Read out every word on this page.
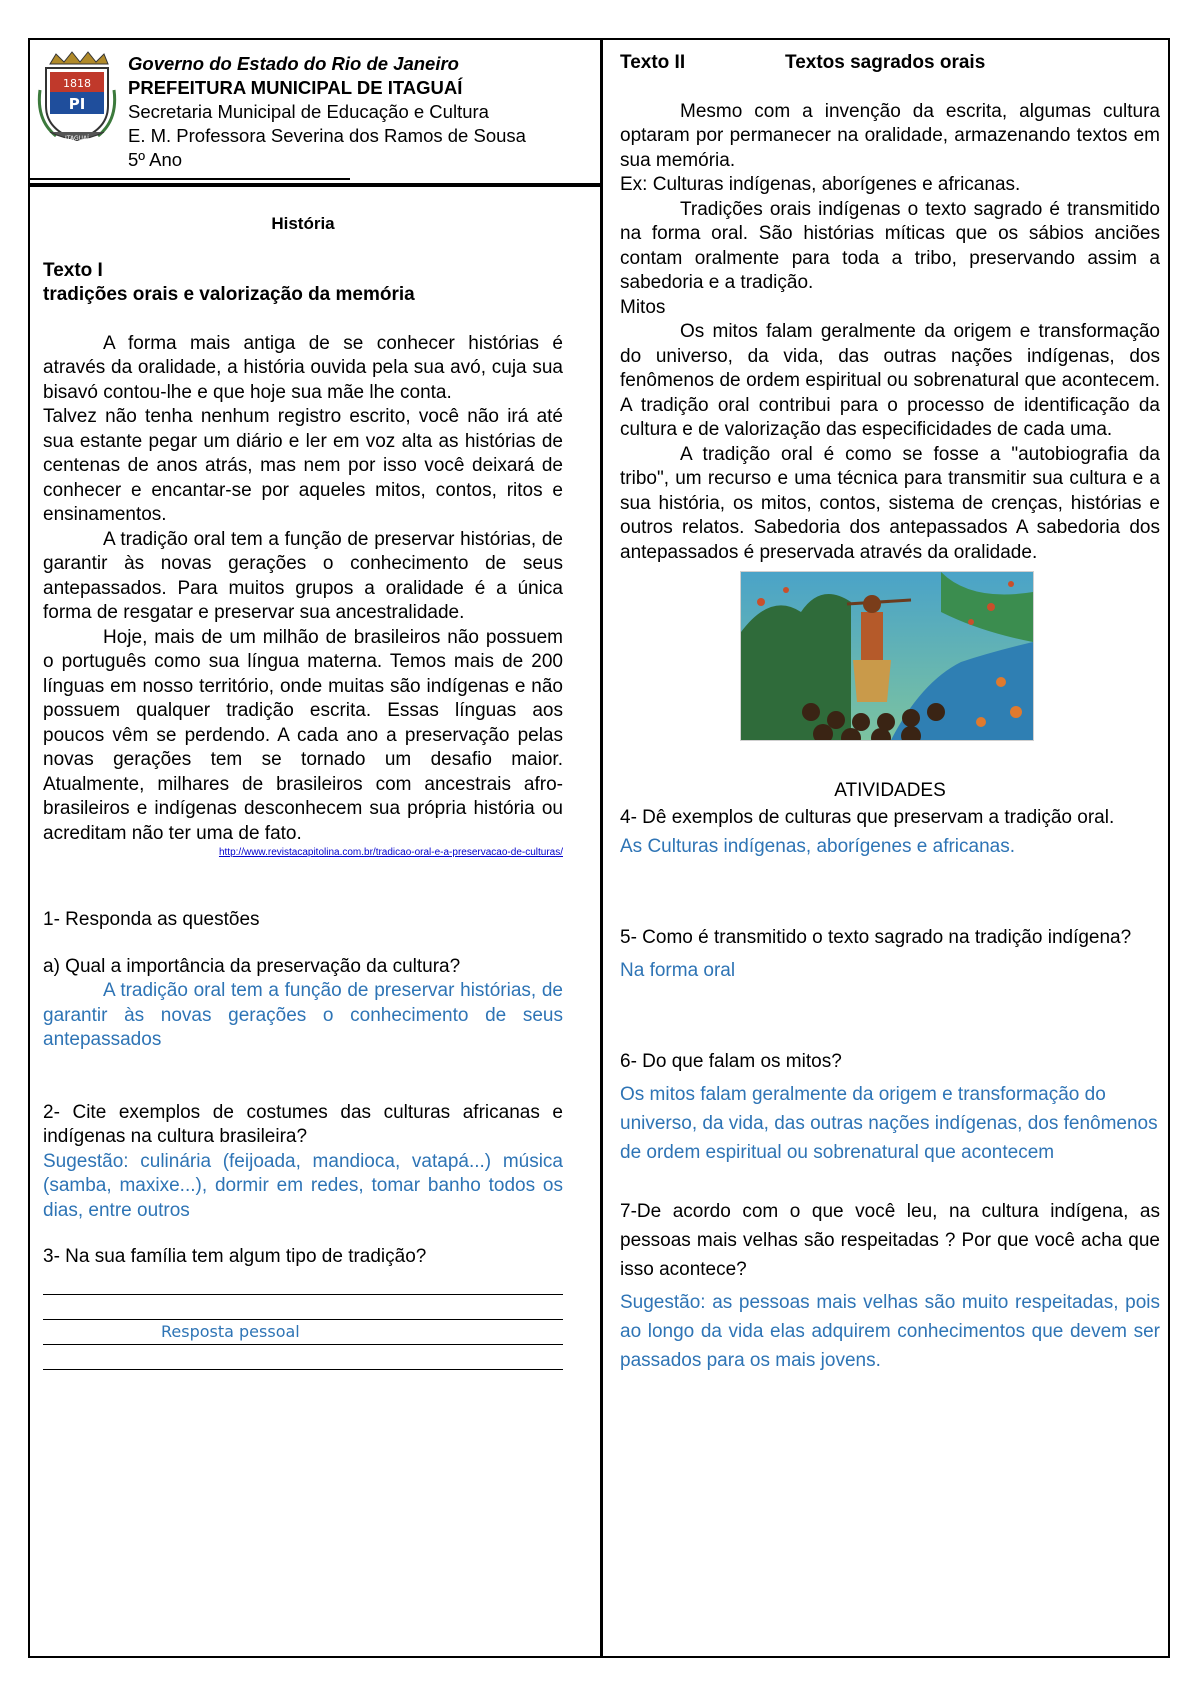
1818
PI
ITAGUAÍ
Governo do Estado do Rio de Janeiro
PREFEITURA MUNICIPAL DE ITAGUAÍ
Secretaria Municipal de Educação e Cultura
E. M. Professora Severina dos Ramos de Sousa
5º Ano

História

Texto I

tradições orais e valorização da memória

A forma mais antiga de se conhecer histórias é através da oralidade, a história ouvida pela sua avó, cuja sua bisavó contou-lhe e que hoje sua mãe lhe conta.

Talvez não tenha nenhum registro escrito, você não irá até sua estante pegar um diário e ler em voz alta as histórias de centenas de anos atrás, mas nem por isso você deixará de conhecer e encantar-se por aqueles mitos, contos, ritos e ensinamentos.

A tradição oral tem a função de preservar histórias, de garantir às novas gerações o conhecimento de seus antepassados. Para muitos grupos a oralidade é a única forma de resgatar e preservar sua ancestralidade.

Hoje, mais de um milhão de brasileiros não possuem o português como sua língua materna. Temos mais de 200 línguas em nosso território, onde muitas são indígenas e não possuem qualquer tradição escrita. Essas línguas aos poucos vêm se perdendo. A cada ano a preservação pelas novas gerações tem se tornado um desafio maior. Atualmente, milhares de brasileiros com ancestrais afro-brasileiros e indígenas desconhecem sua própria história ou acreditam não ter uma de fato.

http://www.revistacapitolina.com.br/tradicao-oral-e-a-preservacao-de-culturas/

1- Responda as questões

a) Qual a importância da preservação da cultura?

A tradição oral tem a função de preservar histórias, de garantir às novas gerações o conhecimento de seus antepassados

2- Cite exemplos de costumes das culturas africanas e indígenas na cultura brasileira?

Sugestão: culinária (feijoada, mandioca, vatapá...) música (samba, maxixe...), dormir em redes, tomar banho todos os dias, entre outros

3- Na sua família tem algum tipo de tradição?

Resposta pessoal
Texto II	Textos sagrados orais

Mesmo com a invenção da escrita, algumas cultura optaram por permanecer na oralidade, armazenando textos em sua memória.

Ex: Culturas indígenas, aborígenes e africanas.

Tradições orais indígenas o texto sagrado é transmitido na forma oral. São histórias míticas que os sábios anciões contam oralmente para toda a tribo, preservando assim a sabedoria e a tradição.

Mitos

Os mitos falam geralmente da origem e transformação do universo, da vida, das outras nações indígenas, dos fenômenos de ordem espiritual ou sobrenatural que acontecem. A tradição oral contribui para o processo de identificação da cultura e de valorização das especificidades de cada uma.

A tradição oral é como se fosse a "autobiografia da tribo", um recurso e uma técnica para transmitir sua cultura e a sua história, os mitos, contos, sistema de crenças, histórias e outros relatos. Sabedoria dos antepassados A sabedoria dos antepassados é preservada através da oralidade.

ATIVIDADES

4- Dê exemplos de culturas que preservam a tradição oral.

As Culturas indígenas, aborígenes e africanas.

5- Como é transmitido o texto sagrado na tradição indígena?

Na forma oral

6- Do que falam os mitos?

Os mitos falam geralmente da origem e transformação do universo, da vida, das outras nações indígenas, dos fenômenos de ordem espiritual ou sobrenatural que acontecem

7-De acordo com o que você leu, na cultura indígena, as pessoas mais velhas são respeitadas ? Por que você acha que isso acontece?

Sugestão: as pessoas mais velhas são muito respeitadas, pois ao longo da vida elas adquirem conhecimentos que devem ser passados para os mais jovens.
